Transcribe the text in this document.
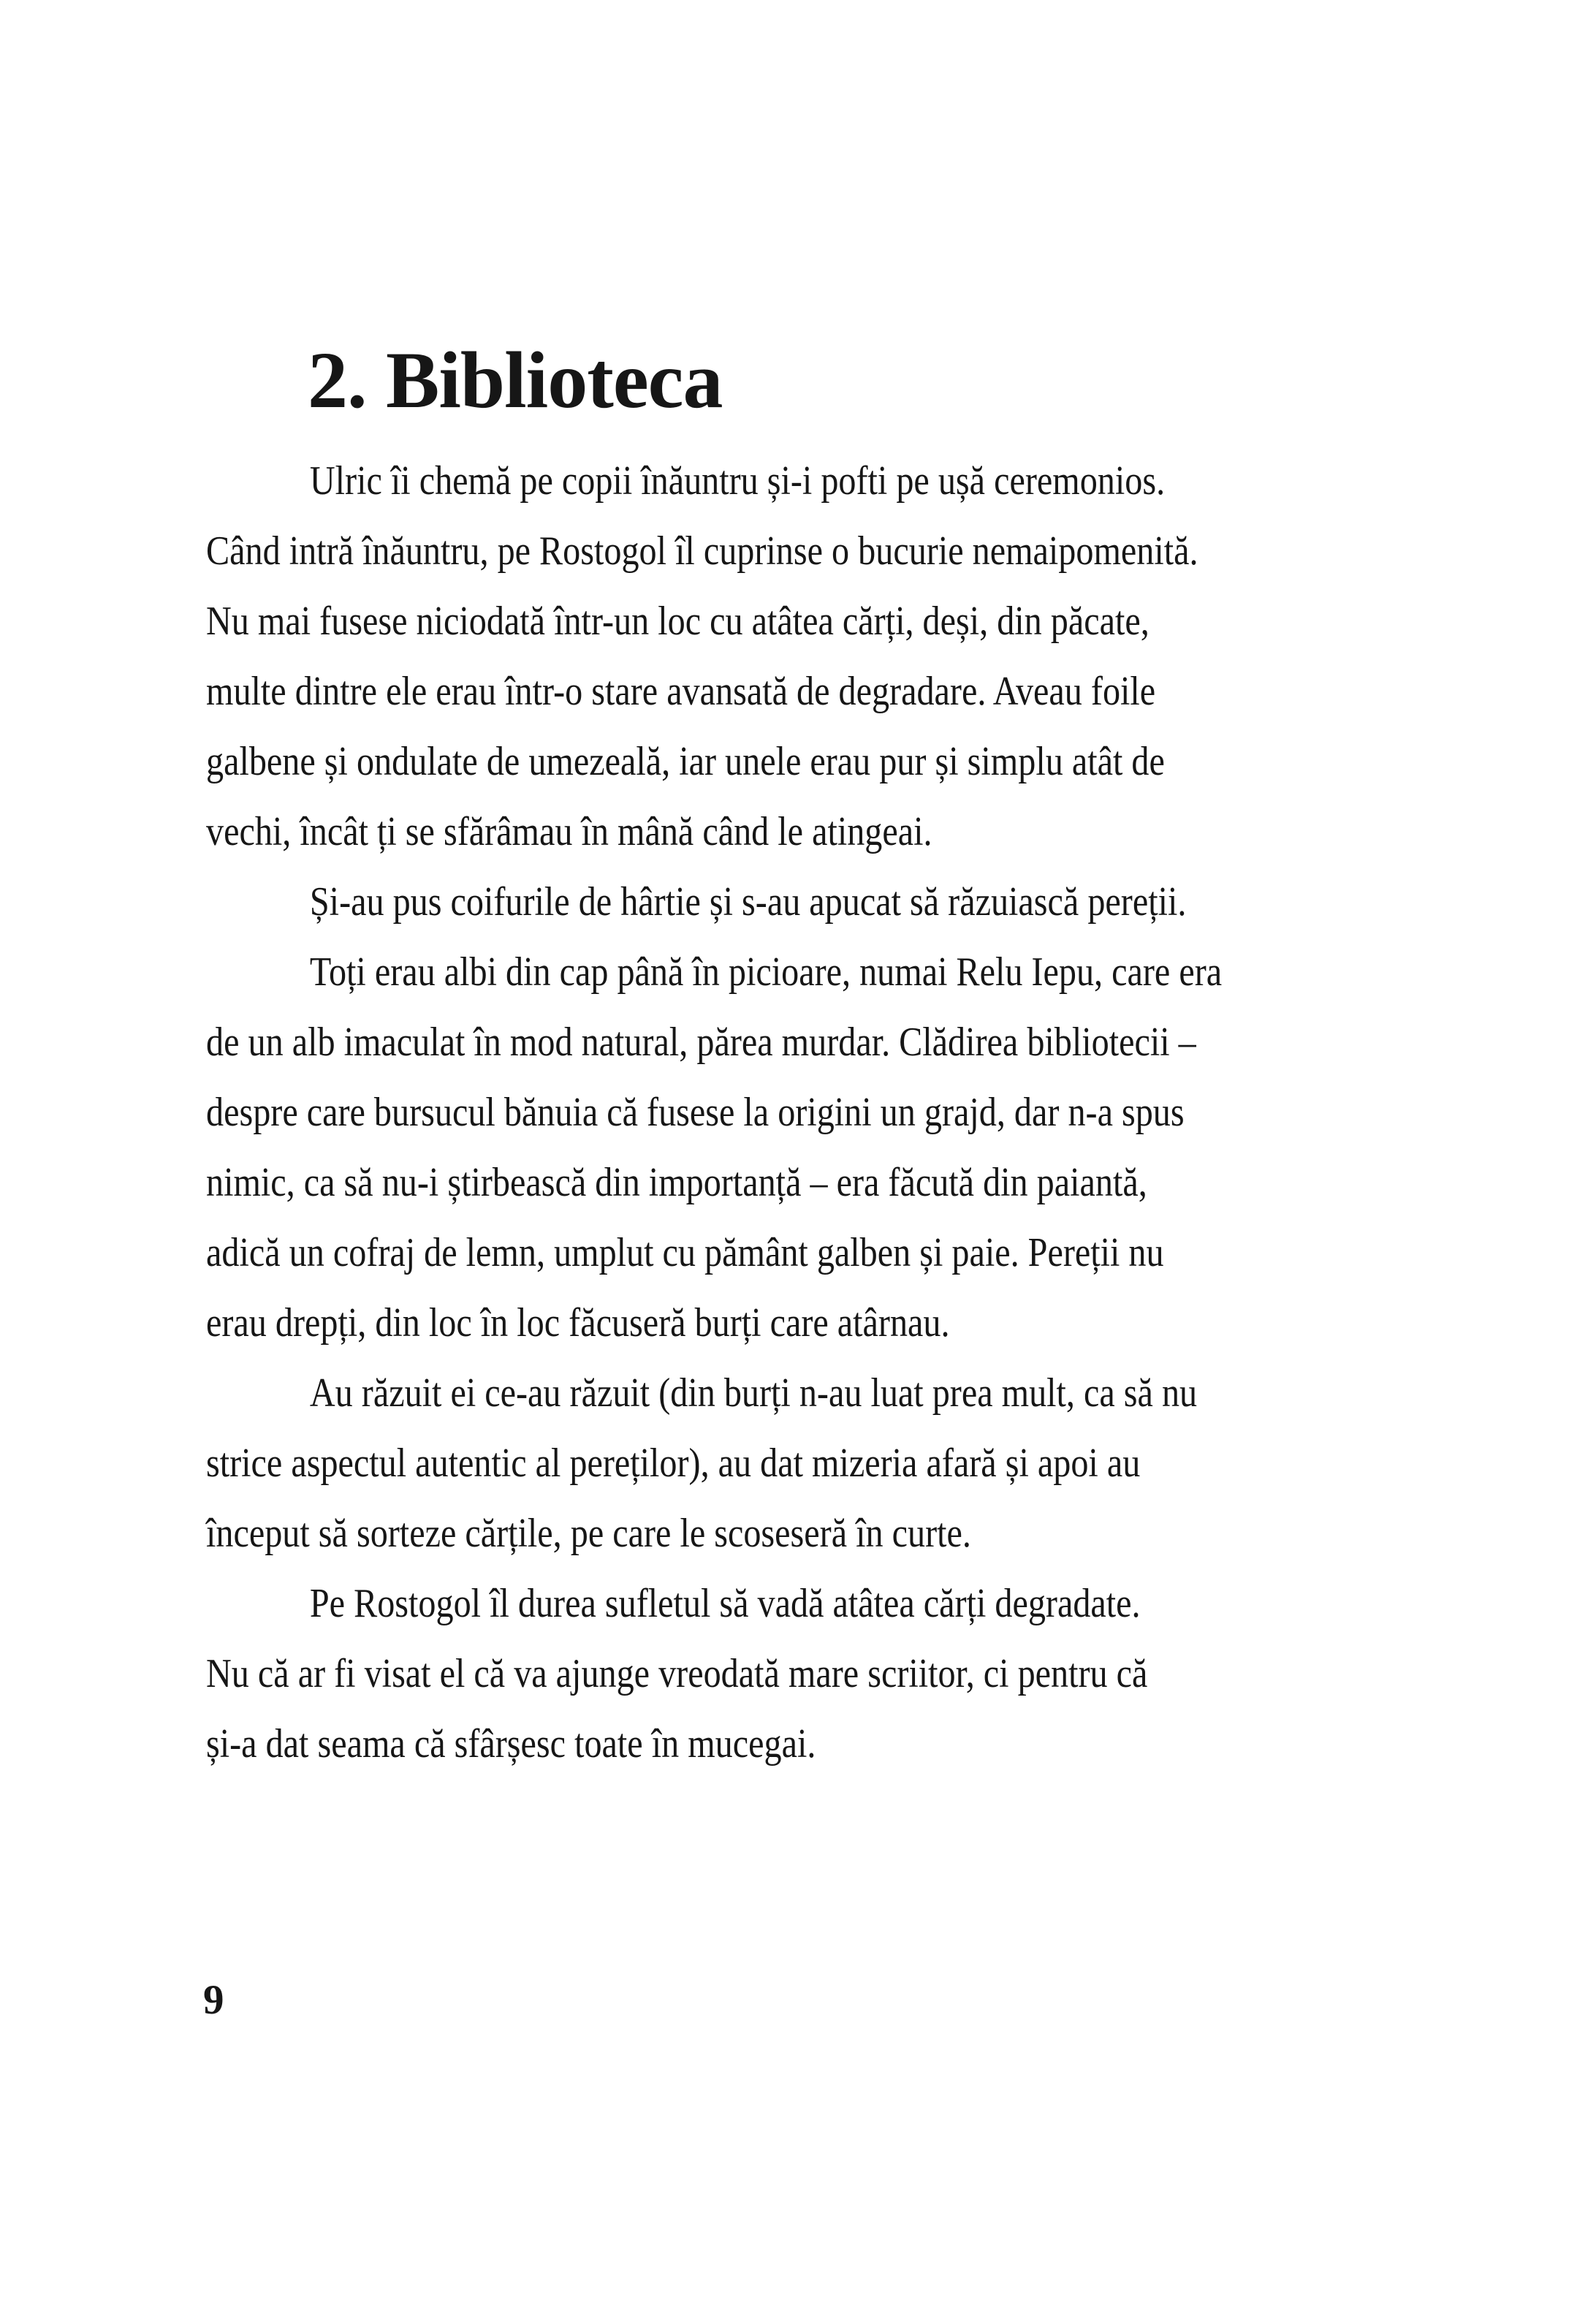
2. Biblioteca
Ulric îi chemă pe copii înăuntru și-i pofti pe ușă ceremonios.
Când intră înăuntru, pe Rostogol îl cuprinse o bucurie nemaipomenită.
Nu mai fusese niciodată într-un loc cu atâtea cărți, deși, din păcate,
multe dintre ele erau într-o stare avansată de degradare. Aveau foile
galbene și ondulate de umezeală, iar unele erau pur și simplu atât de
vechi, încât ți se sfărâmau în mână când le atingeai.
Și-au pus coifurile de hârtie și s-au apucat să răzuiască pereții.
Toți erau albi din cap până în picioare, numai Relu Iepu, care era
de un alb imaculat în mod natural, părea murdar. Clădirea bibliotecii –
despre care bursucul bănuia că fusese la origini un grajd, dar n-a spus
nimic, ca să nu-i știrbească din importanță – era făcută din paiantă,
adică un cofraj de lemn, umplut cu pământ galben și paie. Pereții nu
erau drepți, din loc în loc făcuseră burți care atârnau.
Au răzuit ei ce-au răzuit (din burți n-au luat prea mult, ca să nu
strice aspectul autentic al pereților), au dat mizeria afară și apoi au
început să sorteze cărțile, pe care le scoseseră în curte.
Pe Rostogol îl durea sufletul să vadă atâtea cărți degradate.
Nu că ar fi visat el că va ajunge vreodată mare scriitor, ci pentru că
și-a dat seama că sfârșesc toate în mucegai.
9
